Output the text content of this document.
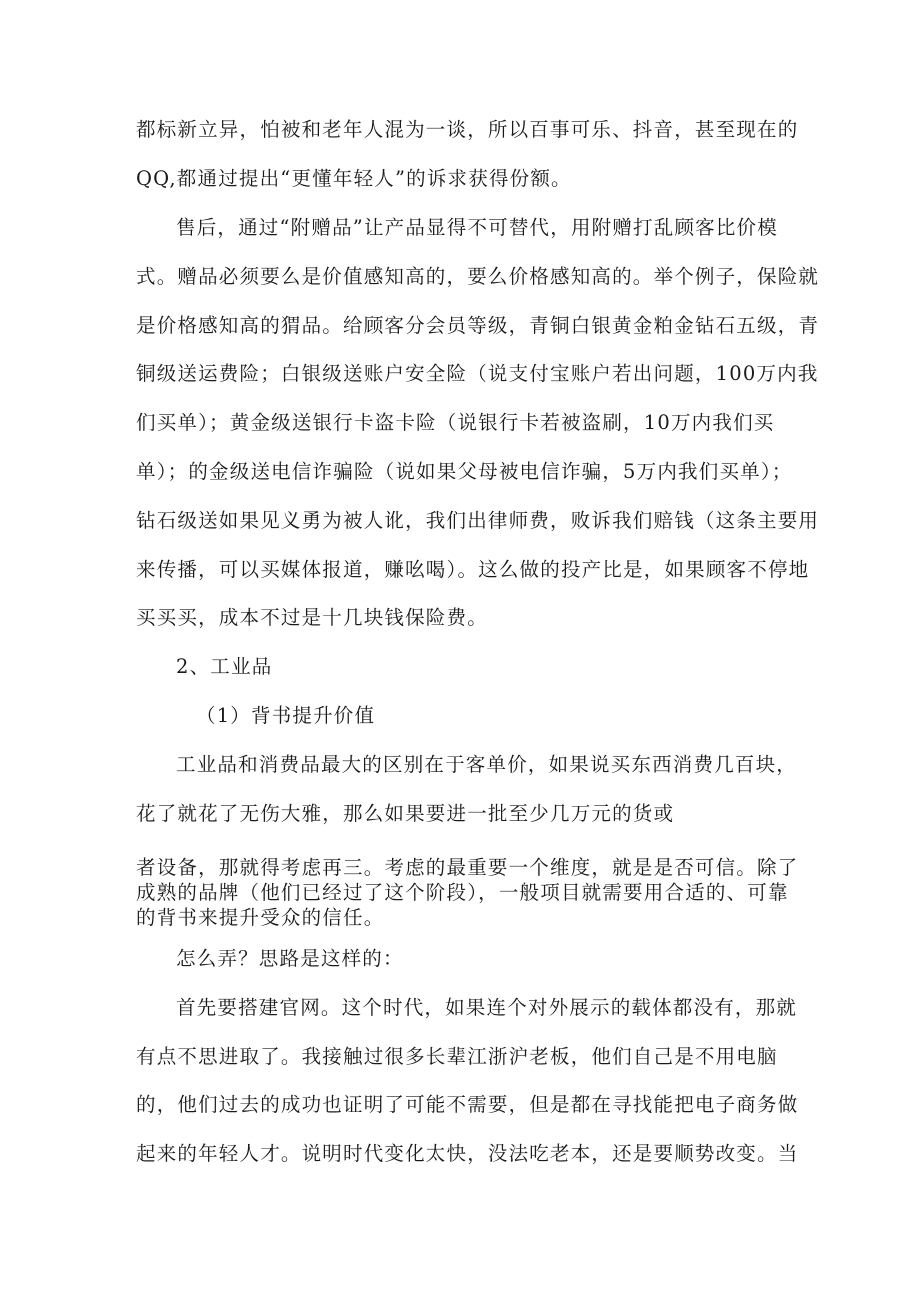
都标新立异，怕被和老年人混为一谈，所以百事可乐、抖音，甚至现在的
QQ,都通过提出“更懂年轻人”的诉求获得份额。
售后，通过“附赠品”让产品显得不可替代，用附赠打乱顾客比价模
式。赠品必须要么是价值感知高的，要么价格感知高的。举个例子，保险就
是价格感知高的猬品。给顾客分会员等级，青铜白银黄金粕金钻石五级，青
铜级送运费险；白银级送账户安全险（说支付宝账户若出问题，100万内我
们买单）；黄金级送银行卡盗卡险（说银行卡若被盗刷，10万内我们买
单）；的金级送电信诈骗险（说如果父母被电信诈骗，5万内我们买单）；
钻石级送如果见义勇为被人讹，我们出律师费，败诉我们赔钱（这条主要用
来传播，可以买媒体报道，赚吆喝）。这么做的投产比是，如果顾客不停地
买买买，成本不过是十几块钱保险费。
2、工业品
（1）背书提升价值
工业品和消费品最大的区别在于客单价，如果说买东西消费几百块，
花了就花了无伤大雅，那么如果要进一批至少几万元的货或
者设备，那就得考虑再三。考虑的最重要一个维度，就是是否可信。除了
成熟的品牌（他们已经过了这个阶段），一般项目就需要用合适的、可靠
的背书来提升受众的信任。
怎么弄？思路是这样的：
首先要搭建官网。这个时代，如果连个对外展示的载体都没有，那就
有点不思进取了。我接触过很多长辈江浙沪老板，他们自己是不用电脑
的，他们过去的成功也证明了可能不需要，但是都在寻找能把电子商务做
起来的年轻人才。说明时代变化太快，没法吃老本，还是要顺势改变。当
